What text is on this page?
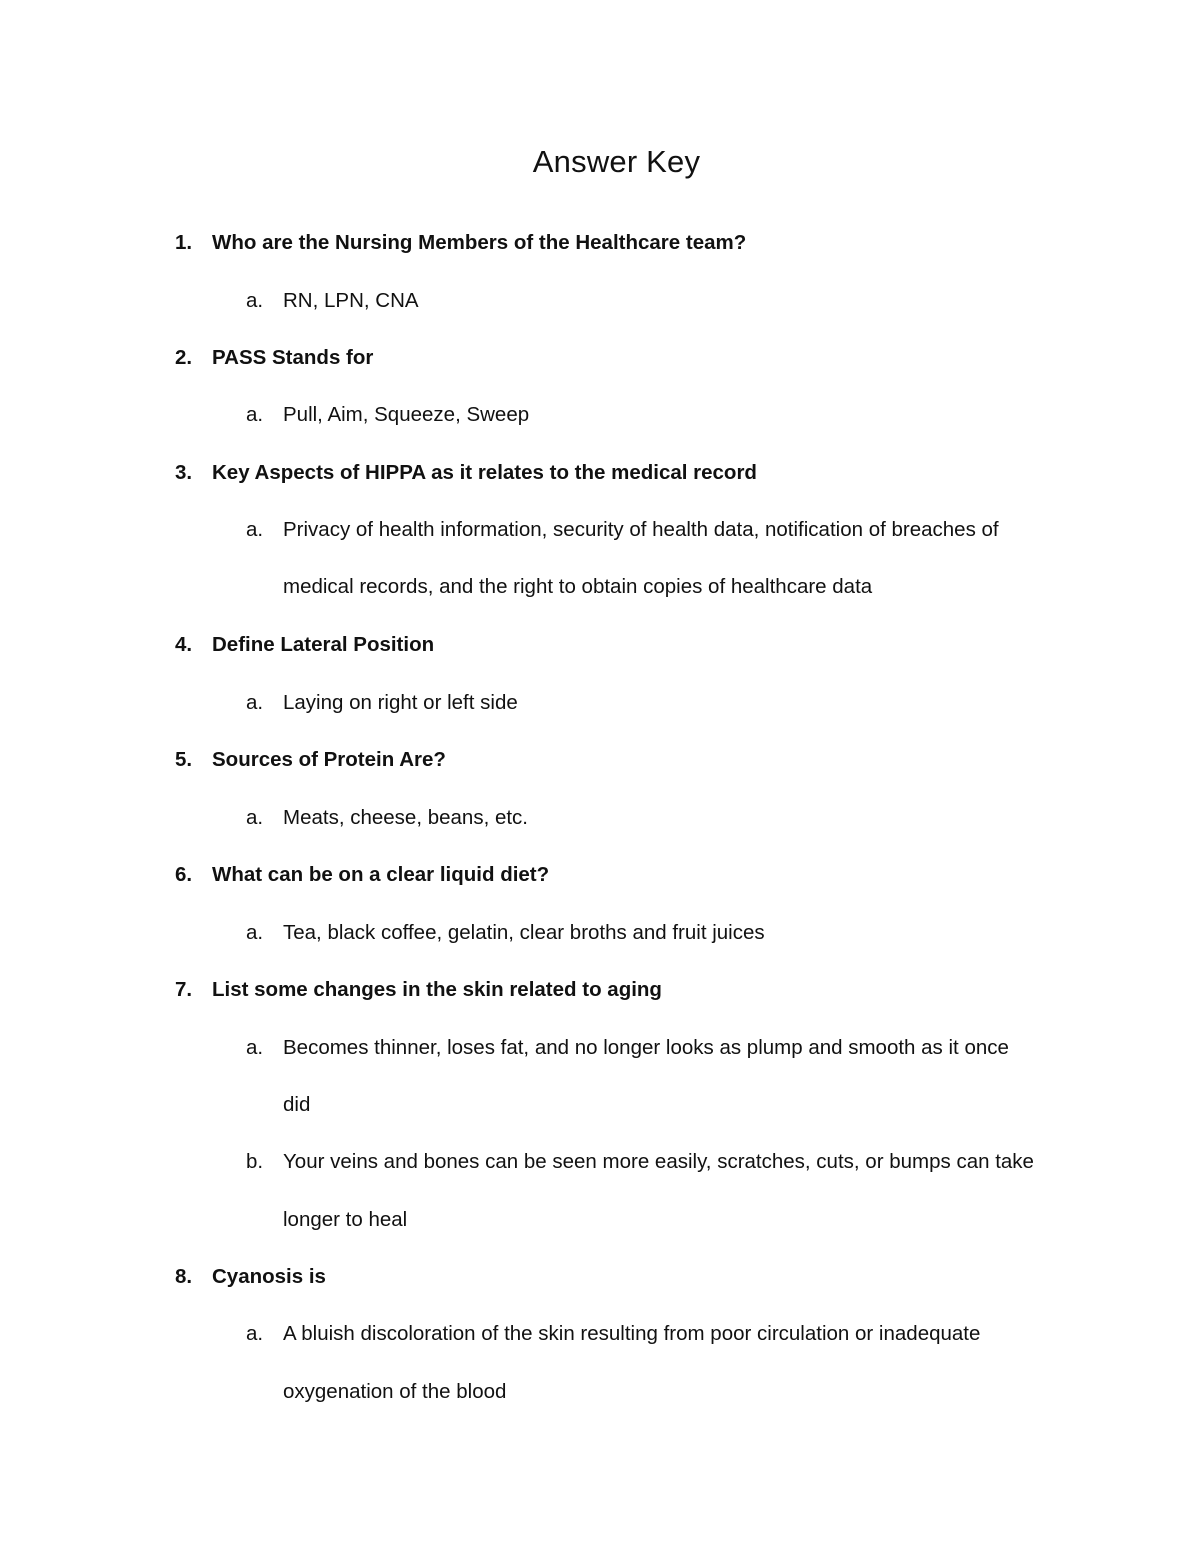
Answer Key
1. Who are the Nursing Members of the Healthcare team?
a. RN, LPN, CNA
2. PASS Stands for
a. Pull, Aim, Squeeze, Sweep
3. Key Aspects of HIPPA as it relates to the medical record
a. Privacy of health information, security of health data, notification of breaches of
medical records, and the right to obtain copies of healthcare data
4. Define Lateral Position
a. Laying on right or left side
5. Sources of Protein Are?
a. Meats, cheese, beans, etc.
6. What can be on a clear liquid diet?
a. Tea, black coffee, gelatin, clear broths and fruit juices
7. List some changes in the skin related to aging
a. Becomes thinner, loses fat, and no longer looks as plump and smooth as it once
did
b. Your veins and bones can be seen more easily, scratches, cuts, or bumps can take
longer to heal
8. Cyanosis is
a. A bluish discoloration of the skin resulting from poor circulation or inadequate
oxygenation of the blood
